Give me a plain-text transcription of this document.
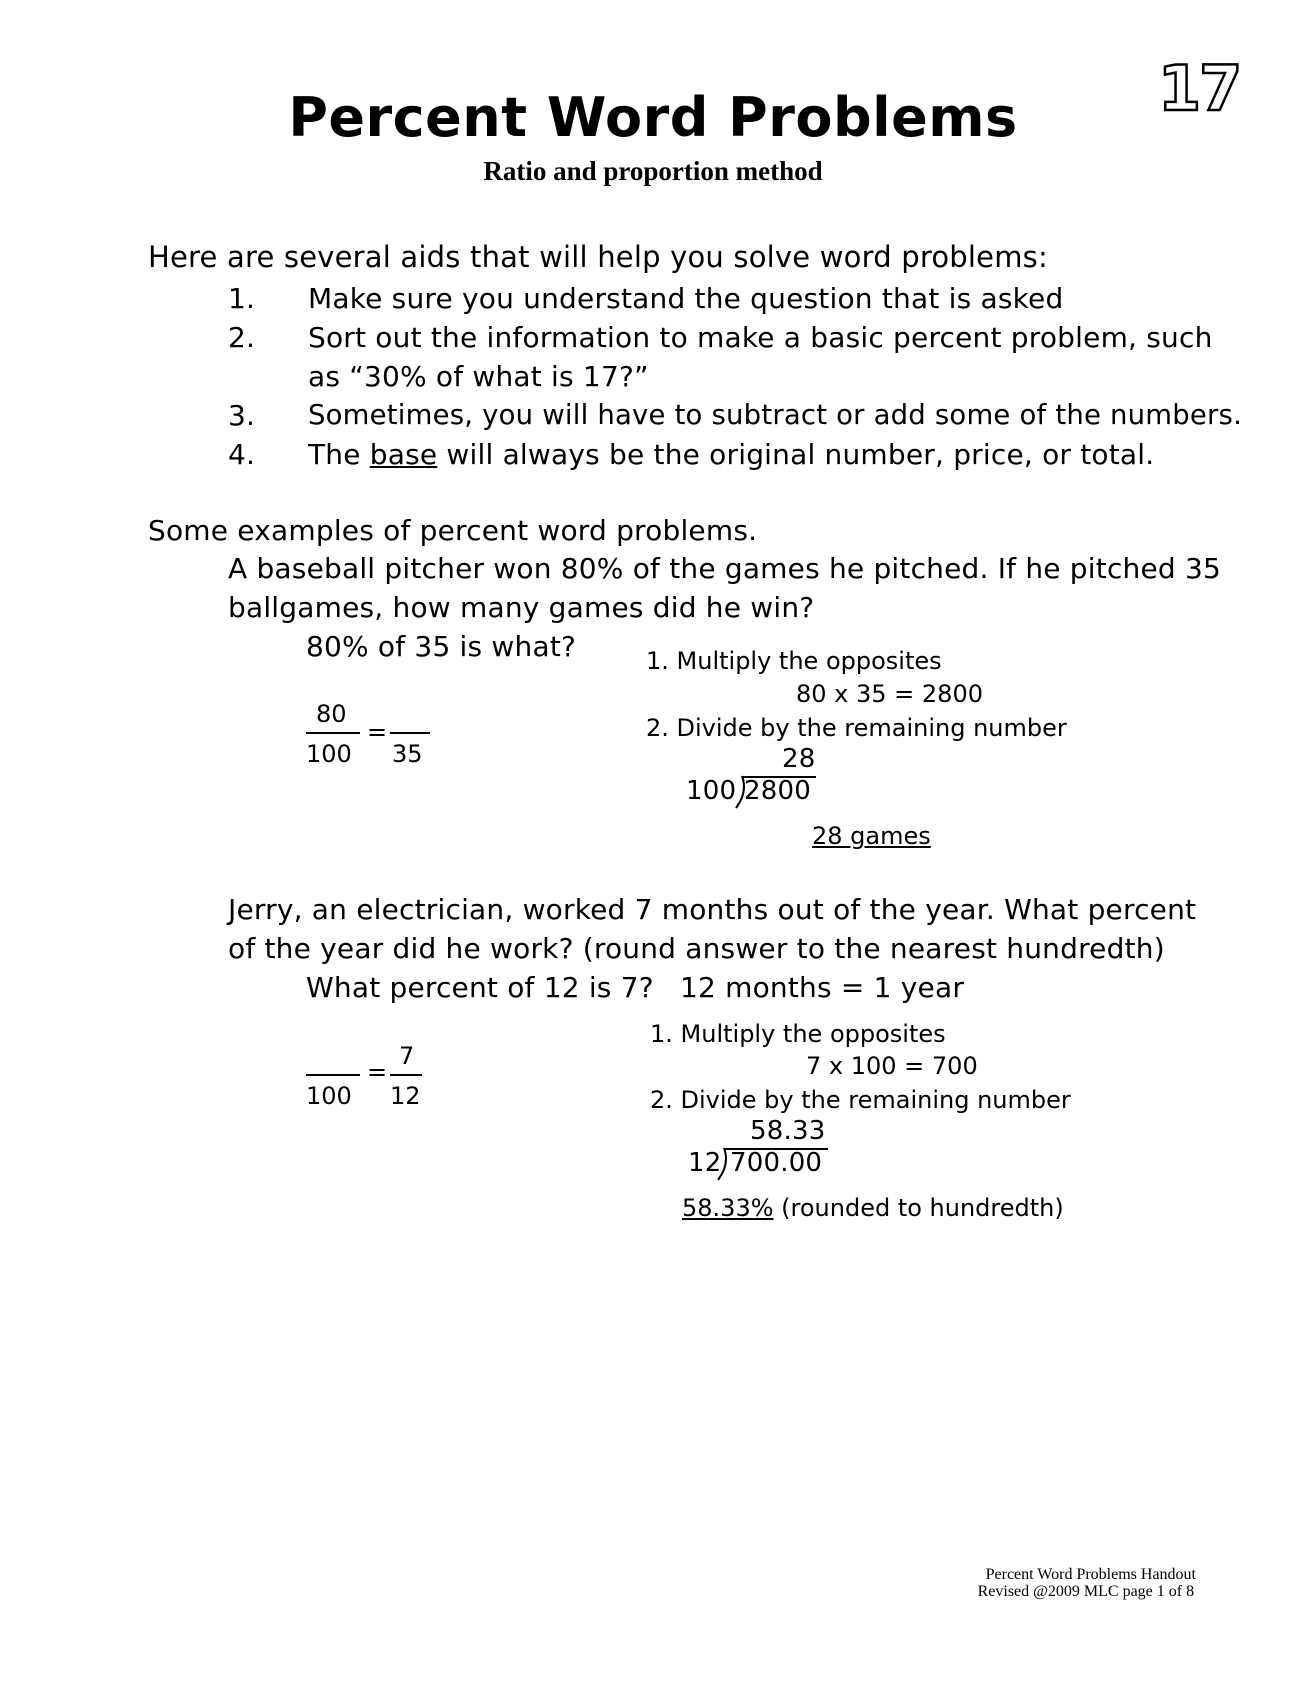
17
Percent Word Problems
Ratio and proportion method
Here are several aids that will help you solve word problems:
1. Make sure you understand the question that is asked
2. Sort out the information to make a basic percent problem, such
as “30% of what is 17?”
3. Sometimes, you will have to subtract or add some of the numbers.
4. The base will always be the original number, price, or total.
Some examples of percent word problems.
A baseball pitcher won 80% of the games he pitched. If he pitched 35
ballgames, how many games did he win?
80% of 35 is what?
80
100
=
35
1. Multiply the opposites
80 x 35 = 2800
2. Divide by the remaining number
28
100 2800
28 games
Jerry, an electrician, worked 7 months out of the year. What percent
of the year did he work? (round answer to the nearest hundredth)
What percent of 12 is 7? 12 months = 1 year
100
=
7
12
1. Multiply the opposites
7 x 100 = 700
2. Divide by the remaining number
58.33
12 700.00
58.33% (rounded to hundredth)
Percent Word Problems Handout
Revised @2009 MLC page 1 of 8
